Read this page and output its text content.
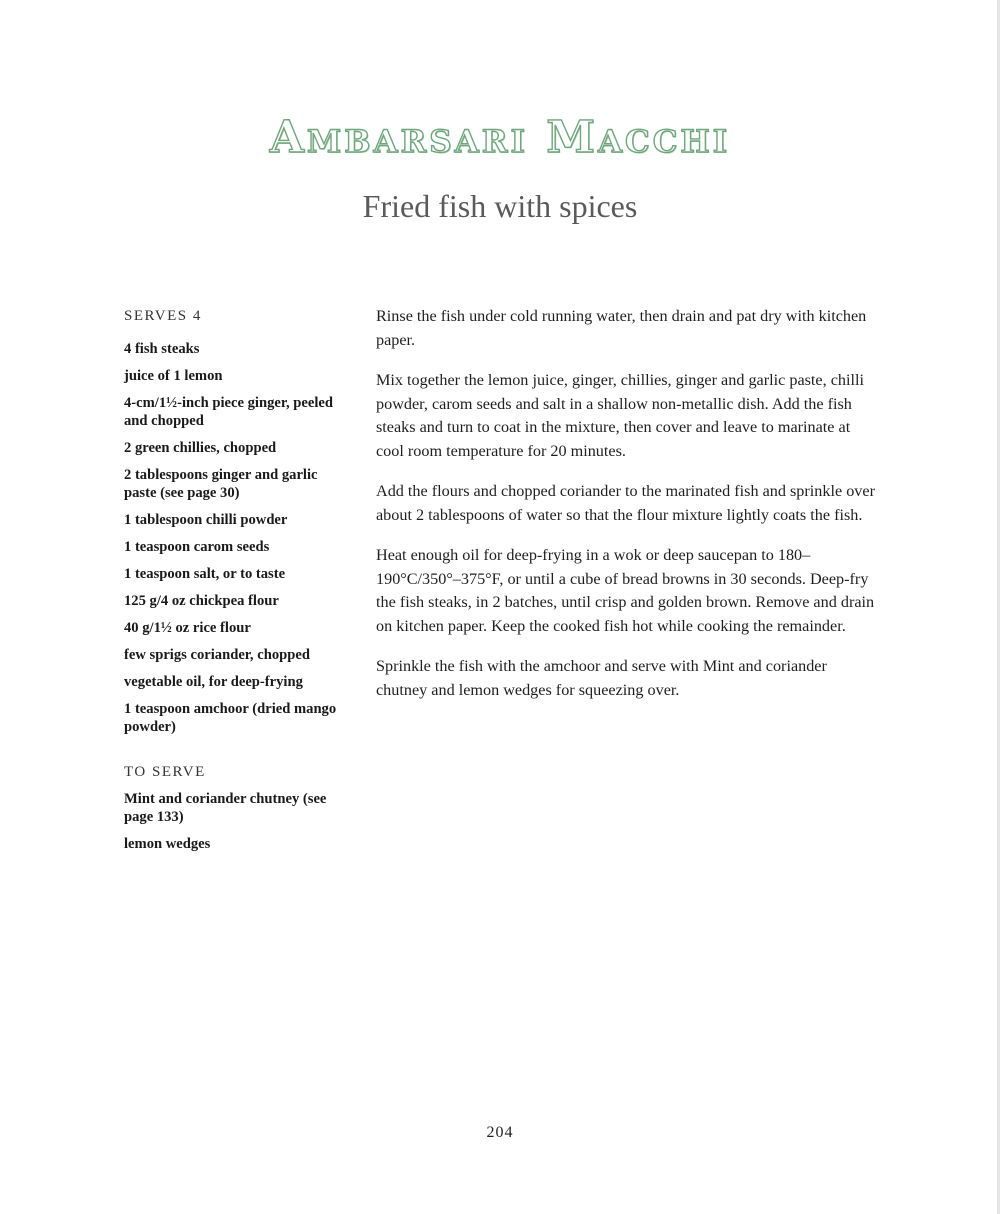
Ambarsari Macchi
Fried fish with spices
SERVES 4
4 fish steaks
juice of 1 lemon
4-cm/1½-inch piece ginger, peeled and chopped
2 green chillies, chopped
2 tablespoons ginger and garlic paste (see page 30)
1 tablespoon chilli powder
1 teaspoon carom seeds
1 teaspoon salt, or to taste
125 g/4 oz chickpea flour
40 g/1½ oz rice flour
few sprigs coriander, chopped
vegetable oil, for deep-frying
1 teaspoon amchoor (dried mango powder)
TO SERVE
Mint and coriander chutney (see page 133)
lemon wedges

Rinse the fish under cold running water, then drain and pat dry with kitchen paper.

Mix together the lemon juice, ginger, chillies, ginger and garlic paste, chilli powder, carom seeds and salt in a shallow non-metallic dish. Add the fish steaks and turn to coat in the mixture, then cover and leave to marinate at cool room temperature for 20 minutes.

Add the flours and chopped coriander to the marinated fish and sprinkle over about 2 tablespoons of water so that the flour mixture lightly coats the fish.

Heat enough oil for deep-frying in a wok or deep saucepan to 180–190°C/350°–375°F, or until a cube of bread browns in 30 seconds. Deep-fry the fish steaks, in 2 batches, until crisp and golden brown. Remove and drain on kitchen paper. Keep the cooked fish hot while cooking the remainder.

Sprinkle the fish with the amchoor and serve with Mint and coriander chutney and lemon wedges for squeezing over.

204
